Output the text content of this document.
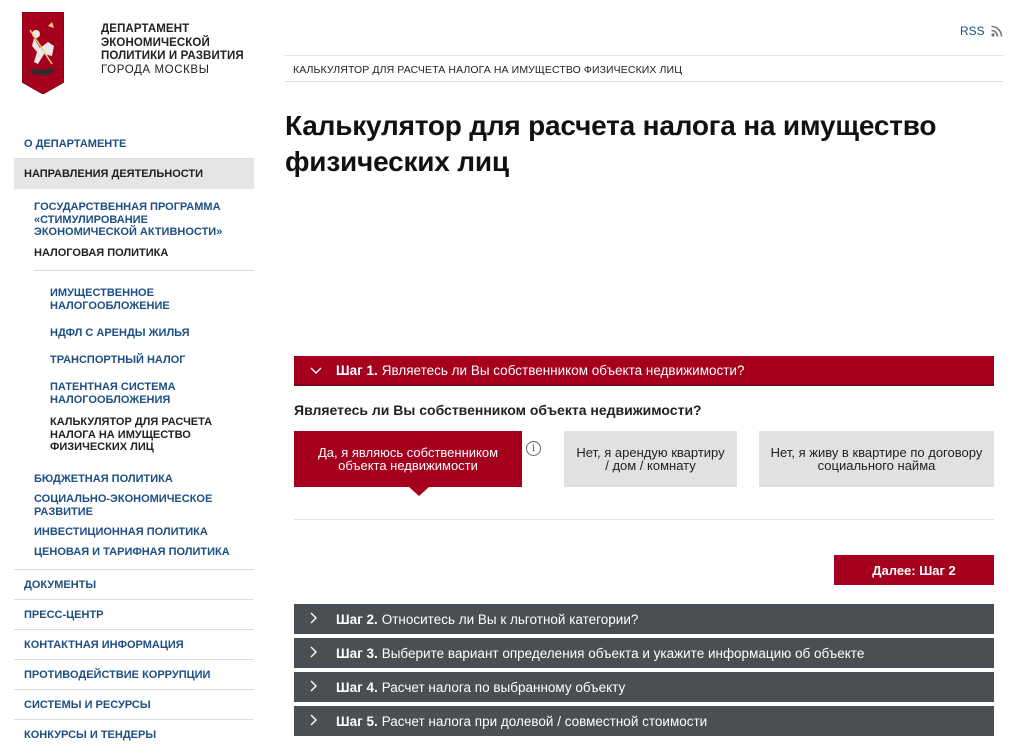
ДЕПАРТАМЕНТ
ЭКОНОМИЧЕСКОЙ
ПОЛИТИКИ И РАЗВИТИЯ
ГОРОДА МОСКВЫ
О ДЕПАРТАМЕНТЕ
НАПРАВЛЕНИЯ ДЕЯТЕЛЬНОСТИ
ГОСУДАРСТВЕННАЯ ПРОГРАММА «СТИМУЛИРОВАНИЕ ЭКОНОМИЧЕСКОЙ АКТИВНОСТИ»
НАЛОГОВАЯ ПОЛИТИКА
ИМУЩЕСТВЕННОЕ НАЛОГООБЛОЖЕНИЕ
НДФЛ С АРЕНДЫ ЖИЛЬЯ
ТРАНСПОРТНЫЙ НАЛОГ
ПАТЕНТНАЯ СИСТЕМА НАЛОГООБЛОЖЕНИЯ
КАЛЬКУЛЯТОР ДЛЯ РАСЧЕТА НАЛОГА НА ИМУЩЕСТВО ФИЗИЧЕСКИХ ЛИЦ
БЮДЖЕТНАЯ ПОЛИТИКА
СОЦИАЛЬНО-ЭКОНОМИЧЕСКОЕ РАЗВИТИЕ
ИНВЕСТИЦИОННАЯ ПОЛИТИКА
ЦЕНОВАЯ И ТАРИФНАЯ ПОЛИТИКА
ДОКУМЕНТЫ
ПРЕСС-ЦЕНТР
КОНТАКТНАЯ ИНФОРМАЦИЯ
ПРОТИВОДЕЙСТВИЕ КОРРУПЦИИ
СИСТЕМЫ И РЕСУРСЫ
КОНКУРСЫ И ТЕНДЕРЫ
RSS
КАЛЬКУЛЯТОР ДЛЯ РАСЧЕТА НАЛОГА НА ИМУЩЕСТВО ФИЗИЧЕСКИХ ЛИЦ
Калькулятор для расчета налога на имущество
физических лиц
Шаг 1. Являетесь ли Вы собственником объекта недвижимости?
Являетесь ли Вы собственником объекта недвижимости?
Да, я являюсь собственником объекта недвижимости
i	Нет, я арендую квартиру / дом / комнату
Нет, я живу в квартире по договору социального найма
Далее: Шаг 2
Шаг 2. Относитесь ли Вы к льготной категории?
Шаг 3. Выберите вариант определения объекта и укажите информацию об объекте
Шаг 4. Расчет налога по выбранному объекту
Шаг 5. Расчет налога при долевой / совместной стоимости
